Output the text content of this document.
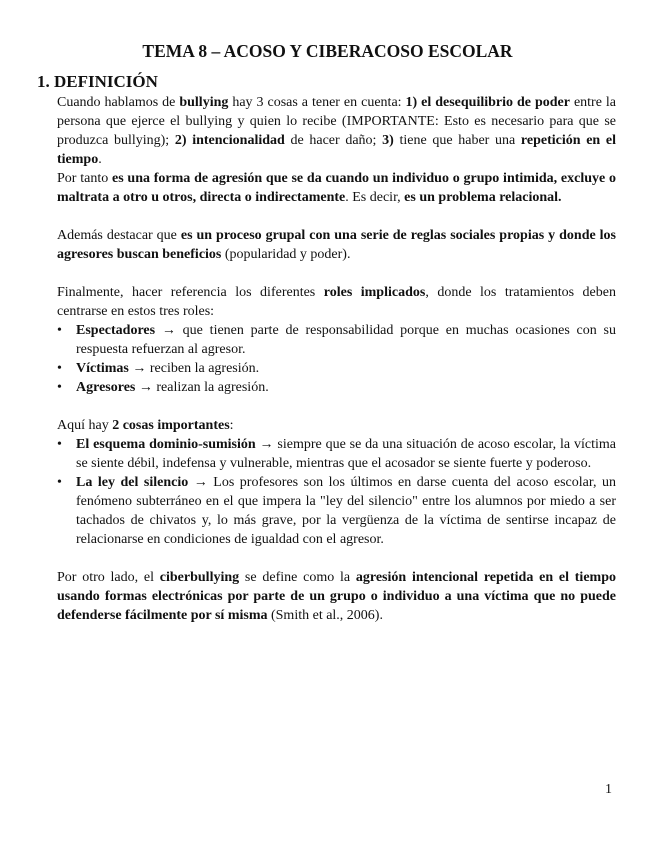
TEMA 8 – ACOSO Y CIBERACOSO ESCOLAR
1. DEFINICIÓN

Cuando hablamos de bullying hay 3 cosas a tener en cuenta: 1) el desequilibrio de poder entre la persona que ejerce el bullying y quien lo recibe (IMPORTANTE: Esto es necesario para que se produzca bullying); 2) intencionalidad de hacer daño; 3) tiene que haber una repetición en el tiempo.

Por tanto es una forma de agresión que se da cuando un individuo o grupo intimida, excluye o maltrata a otro u otros, directa o indirectamente. Es decir, es un problema relacional.

Además destacar que es un proceso grupal con una serie de reglas sociales propias y donde los agresores buscan beneficios (popularidad y poder).

Finalmente, hacer referencia los diferentes roles implicados, donde los tratamientos deben centrarse en estos tres roles:

• Espectadores → que tienen parte de responsabilidad porque en muchas ocasiones con su respuesta refuerzan al agresor.
• Víctimas → reciben la agresión.
• Agresores → realizan la agresión.

Aquí hay 2 cosas importantes:

• El esquema dominio-sumisión → siempre que se da una situación de acoso escolar, la víctima se siente débil, indefensa y vulnerable, mientras que el acosador se siente fuerte y poderoso.
• La ley del silencio → Los profesores son los últimos en darse cuenta del acoso escolar, un fenómeno subterráneo en el que impera la "ley del silencio" entre los alumnos por miedo a ser tachados de chivatos y, lo más grave, por la vergüenza de la víctima de sentirse incapaz de relacionarse en condiciones de igualdad con el agresor.

Por otro lado, el ciberbullying se define como la agresión intencional repetida en el tiempo usando formas electrónicas por parte de un grupo o individuo a una víctima que no puede defenderse fácilmente por sí misma (Smith et al., 2006).

1
